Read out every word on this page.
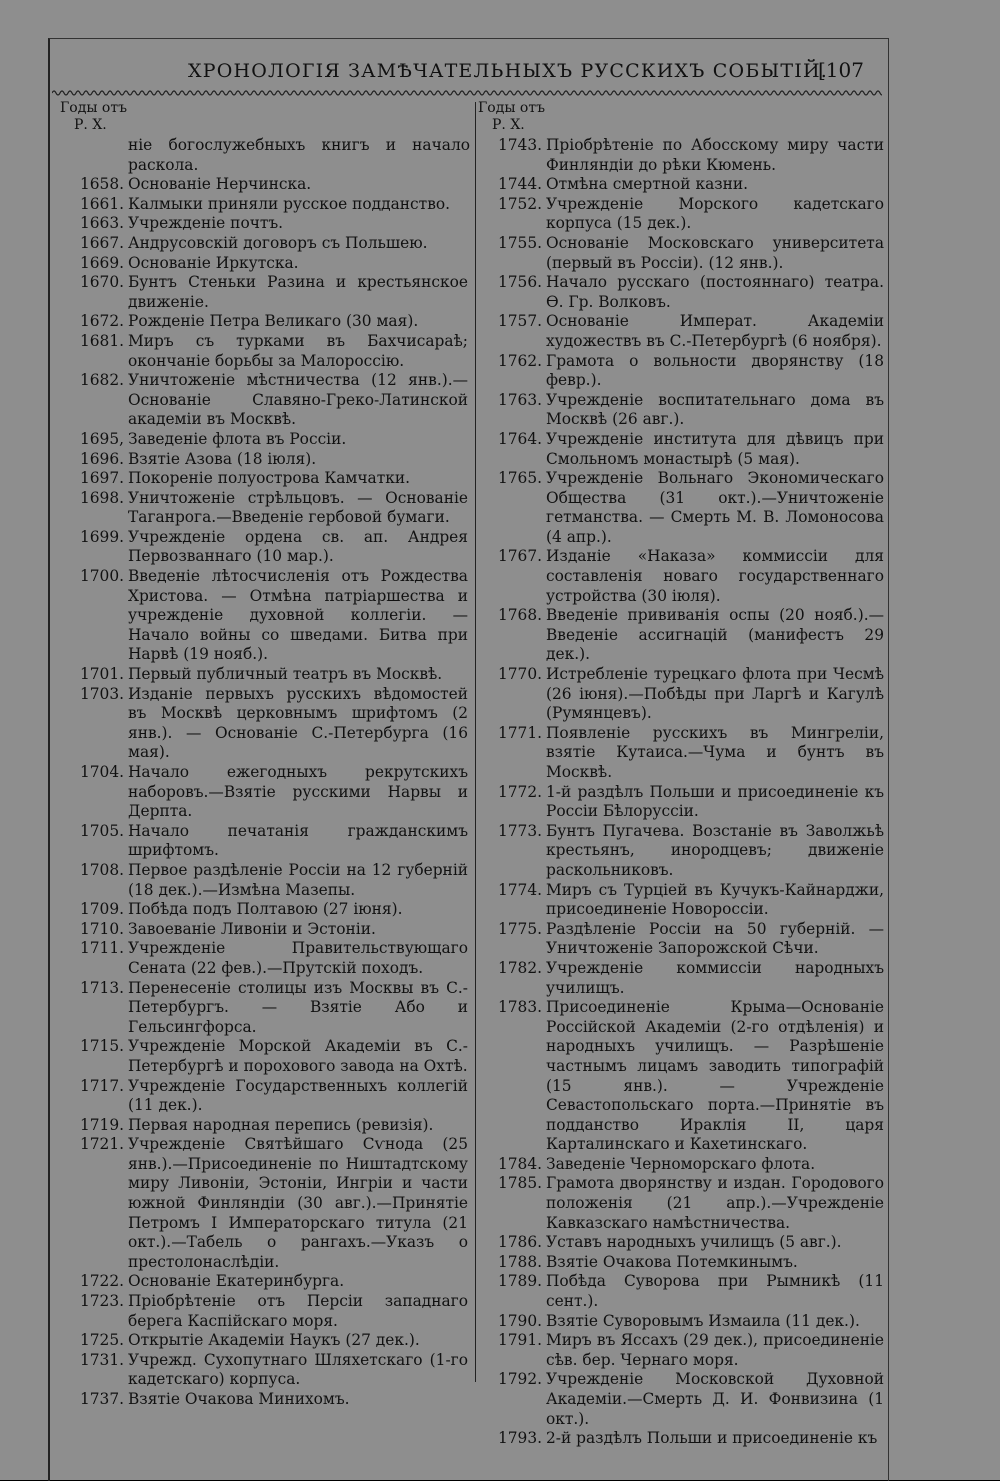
ХРОНОЛОГІЯ ЗАМѢЧАТЕЛЬНЫХЪ РУССКИХЪ СОБЫТІЙ.
[107
Годы отъ
Р. Х.
ніе богослужебныхъ книгъ и начало раскола.
1658. Основаніе Нерчинска.
1661. Калмыки приняли русское подданство.
1663. Учрежденіе почтъ.
1667. Андрусовскій договоръ съ Польшею.
1669. Основаніе Иркутска.
1670. Бунтъ Стеньки Разина и крестьянское движеніе.
1672. Рожденіе Петра Великаго (30 мая).
1681. Миръ съ турками въ Бахчисараѣ; окончаніе борьбы за Малороссію.
1682. Уничтоженіе мѣстничества (12 янв.).— Основаніе Славяно-Греко-Латинской академіи въ Москвѣ.
1695, Заведеніе флота въ Россіи.
1696. Взятіе Азова (18 іюля).
1697. Покореніе полуострова Камчатки.
1698. Уничтоженіе стрѣльцовъ. — Основаніе Таганрога.—Введеніе гербовой бумаги.
1699. Учрежденіе ордена св. ап. Андрея Первозваннаго (10 мар.).
1700. Введеніе лѣтосчисленія отъ Рождества Христова. — Отмѣна патріаршества и учрежденіе духовной коллегіи. — Начало войны со шведами. Битва при Нарвѣ (19 нояб.).
1701. Первый публичный театръ въ Москвѣ.
1703. Изданіе первыхъ русскихъ вѣдомостей въ Москвѣ церковнымъ шрифтомъ (2 янв.). — Основаніе С.-Петербурга (16 мая).
1704. Начало ежегодныхъ рекрутскихъ наборовъ.—Взятіе русскими Нарвы и Дерпта.
1705. Начало печатанія гражданскимъ шрифтомъ.
1708. Первое раздѣленіе Россіи на 12 губерній (18 дек.).—Измѣна Мазепы.
1709. Побѣда подъ Полтавою (27 іюня).
1710. Завоеваніе Ливоніи и Эстоніи.
1711. Учрежденіе Правительствующаго Сената (22 фев.).—Прутскій походъ.
1713. Перенесеніе столицы изъ Москвы въ С.-Петербургъ. — Взятіе Або и Гельсингфорса.
1715. Учрежденіе Морской Академіи въ С.-Петербургѣ и порохового завода на Охтѣ.
1717. Учрежденіе Государственныхъ коллегій (11 дек.).
1719. Первая народная перепись (ревизія).
1721. Учрежденіе Святѣйшаго Сѵнода (25 янв.).—Присоединеніе по Ништадтскому миру Ливоніи, Эстоніи, Ингріи и части южной Финляндіи (30 авг.).—Принятіе Петромъ I Императорскаго титула (21 окт.).—Табель о рангахъ.—Указъ о престолонаслѣдіи.
1722. Основаніе Екатеринбурга.
1723. Пріобрѣтеніе отъ Персіи западнаго берега Каспійскаго моря.
1725. Открытіе Академіи Наукъ (27 дек.).
1731. Учрежд. Сухопутнаго Шляхетскаго (1-го кадетскаго) корпуса.
1737. Взятіе Очакова Минихомъ.
Годы отъ
Р. Х.
1743. Пріобрѣтеніе по Абосскому миру части Финляндіи до рѣки Кюмень.
1744. Отмѣна смертной казни.
1752. Учрежденіе Морского кадетскаго корпуса (15 дек.).
1755. Основаніе Московскаго университета (первый въ Россіи). (12 янв.).
1756. Начало русскаго (постояннаго) театра. Ѳ. Гр. Волковъ.
1757. Основаніе Императ. Академіи художествъ въ С.-Петербургѣ (6 ноября).
1762. Грамота о вольности дворянству (18 февр.).
1763. Учрежденіе воспитательнаго дома въ Москвѣ (26 авг.).
1764. Учрежденіе института для дѣвицъ при Смольномъ монастырѣ (5 мая).
1765. Учрежденіе Вольнаго Экономическаго Общества (31 окт.).—Уничтоженіе гетманства. — Смерть М. В. Ломоносова (4 апр.).
1767. Изданіе «Наказа» коммиссіи для составленія новаго государственнаго устройства (30 іюля).
1768. Введеніе прививанія оспы (20 нояб.).— Введеніе ассигнацій (манифестъ 29 дек.).
1770. Истребленіе турецкаго флота при Чесмѣ (26 іюня).—Побѣды при Ларгѣ и Кагулѣ (Румянцевъ).
1771. Появленіе русскихъ въ Мингреліи, взятіе Кутаиса.—Чума и бунтъ въ Москвѣ.
1772. 1-й раздѣлъ Польши и присоединеніе къ Россіи Бѣлоруссіи.
1773. Бунтъ Пугачева. Возстаніе въ Заволжьѣ крестьянъ, инородцевъ; движеніе раскольниковъ.
1774. Миръ съ Турціей въ Кучукъ-Кайнарджи, присоединеніе Новороссіи.
1775. Раздѣленіе Россіи на 50 губерній. — Уничтоженіе Запорожской Сѣчи.
1782. Учрежденіе коммиссіи народныхъ училищъ.
1783. Присоединеніе Крыма—Основаніе Россійской Академіи (2-го отдѣленія) и народныхъ училищъ. — Разрѣшеніе частнымъ лицамъ заводить типографій (15 янв.). — Учрежденіе Севастопольскаго порта.—Принятіе въ подданство Ираклія II, царя Карталинскаго и Кахетинскаго.
1784. Заведеніе Черноморскаго флота.
1785. Грамота дворянству и издан. Городового положенія (21 апр.).—Учрежденіе Кавказскаго намѣстничества.
1786. Уставъ народныхъ училищъ (5 авг.).
1788. Взятіе Очакова Потемкинымъ.
1789. Побѣда Суворова при Рымникѣ (11 сент.).
1790. Взятіе Суворовымъ Измаила (11 дек.).
1791. Миръ въ Яссахъ (29 дек.), присоединеніе сѣв. бер. Чернаго моря.
1792. Учрежденіе Московской Духовной Академіи.—Смерть Д. И. Фонвизина (1 окт.).
1793. 2-й раздѣлъ Польши и присоединеніе къ
